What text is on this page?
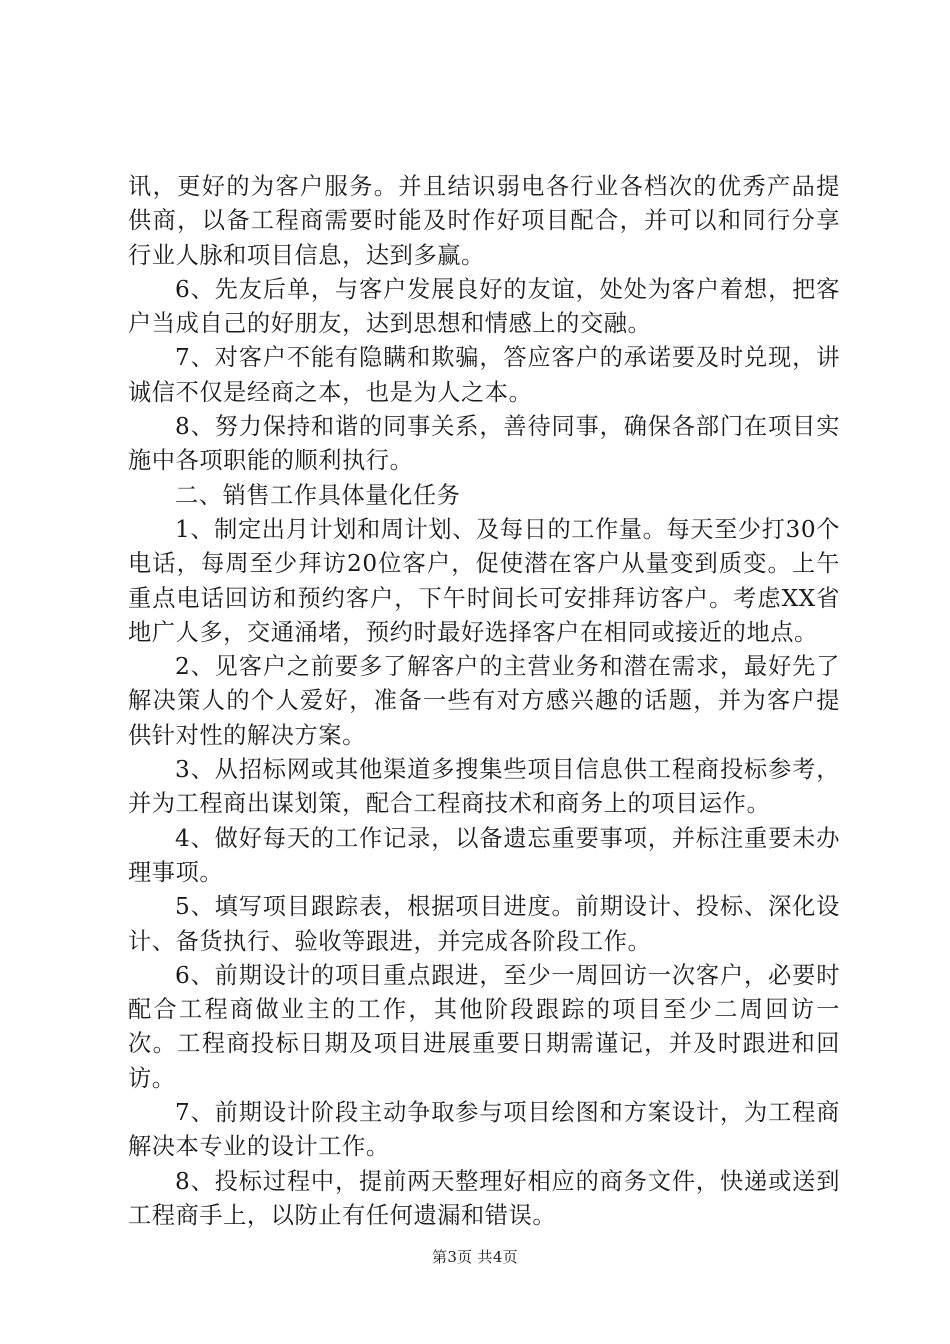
讯，更好的为客户服务。并且结识弱电各行业各档次的优秀产品提供商，以备工程商需要时能及时作好项目配合，并可以和同行分享行业人脉和项目信息，达到多赢。

6、先友后单，与客户发展良好的友谊，处处为客户着想，把客户当成自己的好朋友，达到思想和情感上的交融。

7、对客户不能有隐瞒和欺骗，答应客户的承诺要及时兑现，讲诚信不仅是经商之本，也是为人之本。

8、努力保持和谐的同事关系，善待同事，确保各部门在项目实施中各项职能的顺利执行。

二、销售工作具体量化任务

1、制定出月计划和周计划、及每日的工作量。每天至少打30个电话，每周至少拜访20位客户，促使潜在客户从量变到质变。上午重点电话回访和预约客户，下午时间长可安排拜访客户。考虑XX省地广人多，交通涌堵，预约时最好选择客户在相同或接近的地点。

2、见客户之前要多了解客户的主营业务和潜在需求，最好先了解决策人的个人爱好，准备一些有对方感兴趣的话题，并为客户提供针对性的解决方案。

3、从招标网或其他渠道多搜集些项目信息供工程商投标参考，并为工程商出谋划策，配合工程商技术和商务上的项目运作。

4、做好每天的工作记录，以备遗忘重要事项，并标注重要未办理事项。

5、填写项目跟踪表，根据项目进度。前期设计、投标、深化设计、备货执行、验收等跟进，并完成各阶段工作。

6、前期设计的项目重点跟进，至少一周回访一次客户，必要时配合工程商做业主的工作，其他阶段跟踪的项目至少二周回访一次。工程商投标日期及项目进展重要日期需谨记，并及时跟进和回访。

7、前期设计阶段主动争取参与项目绘图和方案设计，为工程商解决本专业的设计工作。

8、投标过程中，提前两天整理好相应的商务文件，快递或送到工程商手上，以防止有任何遗漏和错误。

第3页 共4页
